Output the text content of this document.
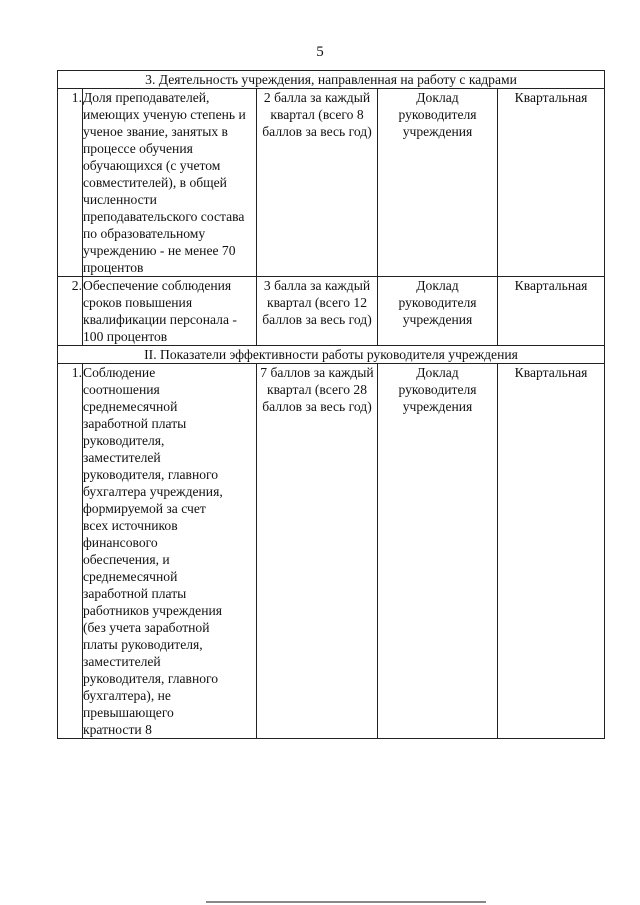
5
3. Деятельность учреждения, направленная на работу с кадрами				
1.	Доля преподавателей, имеющих ученую степень и ученое звание, занятых в процессе обучения обучающихся (с учетом совместителей), в общей численности преподавательского состава по образовательному учреждению - не менее 70 процентов	2 балла за каждый квартал (всего 8 баллов за весь год)	Доклад руководителя учреждения	Квартальная
2.	Обеспечение соблюдения сроков повышения квалификации персонала - 100 процентов	3 балла за каждый квартал (всего 12 баллов за весь год)	Доклад руководителя учреждения	Квартальная
II. Показатели эффективности работы руководителя учреждения				
1.	Соблюдение соотношения среднемесячной заработной платы руководителя, заместителей руководителя, главного бухгалтера учреждения, формируемой за счет всех источников финансового обеспечения, и среднемесячной заработной платы работников учреждения (без учета заработной платы руководителя, заместителей руководителя, главного бухгалтера), не превышающего кратности 8	7 баллов за каждый квартал (всего 28 баллов за весь год)	Доклад руководителя учреждения	Квартальная
